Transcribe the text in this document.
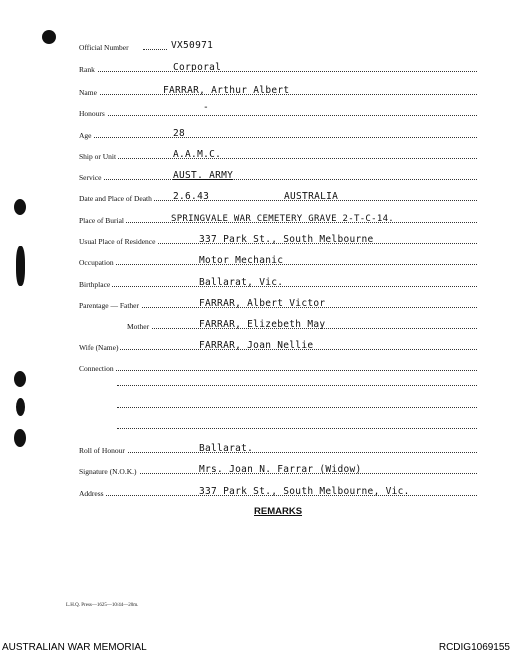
Official Number	VX50971
Rank	Corporal
Name	FARRAR, Arthur Albert
Honours
-
Age	28
Ship or Unit	A.A.M.C.
Service	AUST. ARMY
Date and Place of Death 2.6.43	AUSTRALIA
Place of Burial	SPRINGVALE WAR CEMETERY GRAVE 2-T-C-14.
Usual Place of Residence	337 Park St., South Melbourne
Occupation	Motor Mechanic
Birthplace	Ballarat, Vic.
Parentage — Father	FARRAR, Albert Victor
Mother	FARRAR, Elizebeth May
Wife (Name)	FARRAR, Joan Nellie
Connection
Roll of Honour	Ballarat.
Signature (N.O.K.)	Mrs. Joan N. Farrar (Widow)
Address	337 Park St., South Melbourne, Vic.
REMARKS
L.H.Q. Press—1625—10/44—20m.
AUSTRALIAN WAR MEMORIAL	RCDIG1069155
